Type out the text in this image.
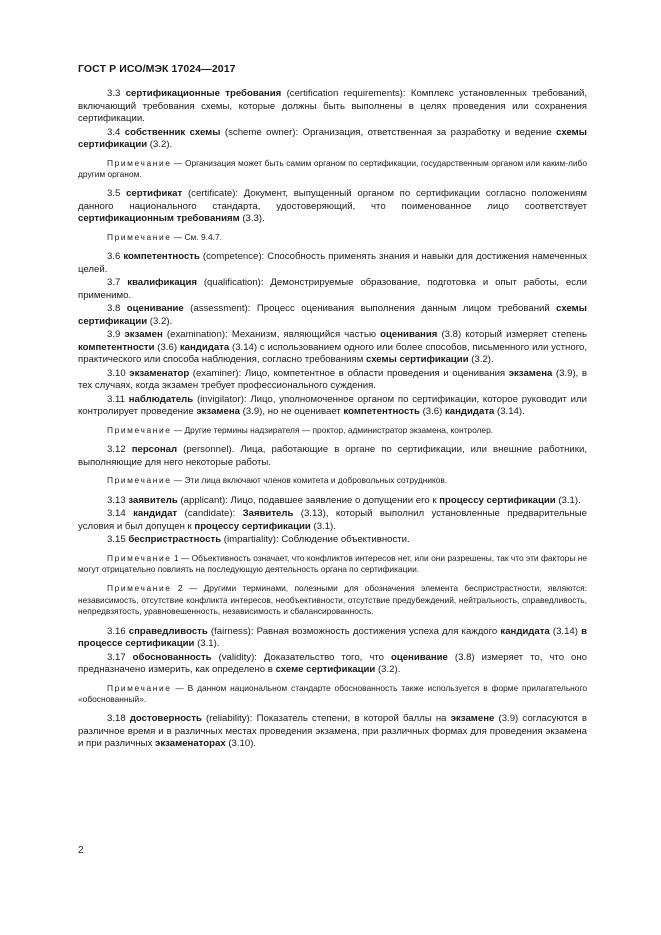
ГОСТ Р ИСО/МЭК 17024—2017

3.3 сертификационные требования (certification requirements): Комплекс установленных требований, включающий требования схемы, которые должны быть выполнены в целях проведения или сохранения сертификации.

3.4 собственник схемы (scheme owner): Организация, ответственная за разработку и ведение схемы сертификации (3.2).

Примечание — Организация может быть самим органом по сертификации, государственным органом или каким-либо другим органом.

3.5 сертификат (certificate): Документ, выпущенный органом по сертификации согласно положениям данного национального стандарта, удостоверяющий, что поименованное лицо соответствует сертификационным требованиям (3.3).

Примечание — См. 9.4.7.

3.6 компетентность (competence): Способность применять знания и навыки для достижения намеченных целей.

3.7 квалификация (qualification): Демонстрируемые образование, подготовка и опыт работы, если применимо.

3.8 оценивание (assessment): Процесс оценивания выполнения данным лицом требований схемы сертификации (3.2).

3.9 экзамен (examination): Механизм, являющийся частью оценивания (3.8) который измеряет степень компетентности (3.6) кандидата (3.14) с использованием одного или более способов, письменного или устного, практического или способа наблюдения, согласно требованиям схемы сертификации (3.2).

3.10 экзаменатор (examiner): Лицо, компетентное в области проведения и оценивания экзамена (3.9), в тех случаях, когда экзамен требует профессионального суждения.

3.11 наблюдатель (invigilator): Лицо, уполномоченное органом по сертификации, которое руководит или контролирует проведение экзамена (3.9), но не оценивает компетентность (3.6) кандидата (3.14).

Примечание — Другие термины надзирателя — проктор, администратор экзамена, контролер.

3.12 персонал (personnel). Лица, работающие в органе по сертификации, или внешние работники, выполняющие для него некоторые работы.

Примечание — Эти лица включают членов комитета и добровольных сотрудников.

3.13 заявитель (applicant): Лицо, подавшее заявление о допущении его к процессу сертификации (3.1).

3.14 кандидат (candidate): Заявитель (3.13), который выполнил установленные предварительные условия и был допущен к процессу сертификации (3.1).

3.15 беспристрастность (impartiality): Соблюдение объективности.

Примечание 1 — Объективность означает, что конфликтов интересов нет, или они разрешены, так что эти факторы не могут отрицательно повлиять на последующую деятельность органа по сертификации.

Примечание 2 — Другими терминами, полезными для обозначения элемента беспристрастности, являются: независимость, отсутствие конфликта интересов, необъективности, отсутствие предубеждений, нейтральность, справедливость, непредвзятость, уравновешенность, независимость и сбалансированность.

3.16 справедливость (fairness): Равная возможность достижения успеха для каждого кандидата (3.14) в процессе сертификации (3.1).

3.17 обоснованность (validity): Доказательство того, что оценивание (3.8) измеряет то, что оно предназначено измерить, как определено в схеме сертификации (3.2).

Примечание — В данном национальном стандарте обоснованность также используется в форме прилагательного «обоснованный».

3.18 достоверность (reliability): Показатель степени, в которой баллы на экзамене (3.9) согласуются в различное время и в различных местах проведения экзамена, при различных формах для проведения экзамена и при различных экзаменаторах (3.10).

2
